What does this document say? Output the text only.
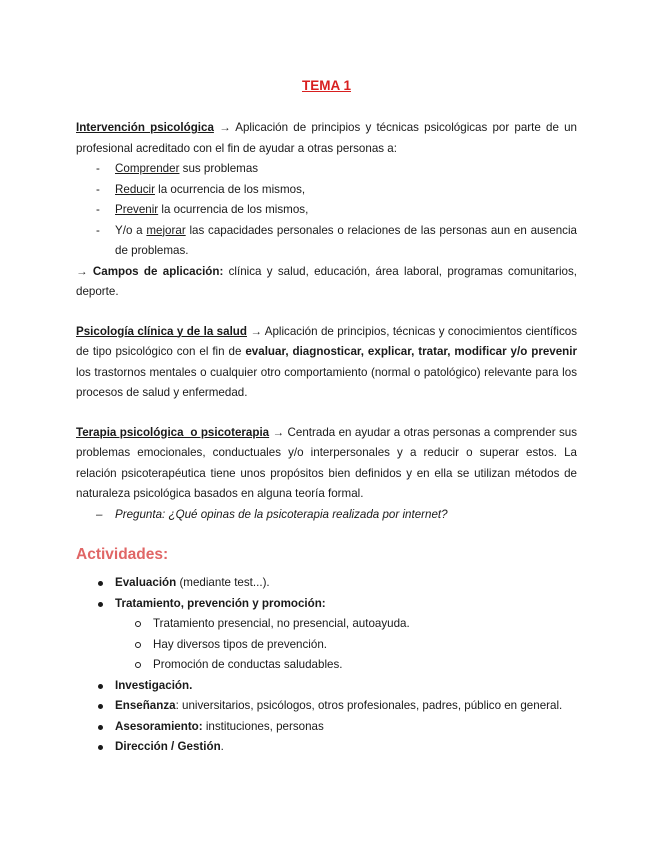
TEMA 1

Intervención psicológica → Aplicación de principios y técnicas psicológicas por parte de un profesional acreditado con el fin de ayudar a otras personas a:

- Comprender sus problemas
- Reducir la ocurrencia de los mismos,
- Prevenir la ocurrencia de los mismos,
- Y/o a mejorar las capacidades personales o relaciones de las personas aun en ausencia de problemas.

→ Campos de aplicación: clínica y salud, educación, área laboral, programas comunitarios, deporte.

Psicología clínica y de la salud → Aplicación de principios, técnicas y conocimientos científicos de tipo psicológico con el fin de evaluar, diagnosticar, explicar, tratar, modificar y/o prevenir los trastornos mentales o cualquier otro comportamiento (normal o patológico) relevante para los procesos de salud y enfermedad.

Terapia psicológica  o psicoterapia → Centrada en ayudar a otras personas a comprender sus problemas emocionales, conductuales y/o interpersonales y a reducir o superar estos. La relación psicoterapéutica tiene unos propósitos bien definidos y en ella se utilizan métodos de naturaleza psicológica basados en alguna teoría formal.

– Pregunta: ¿Qué opinas de la psicoterapia realizada por internet?

Actividades:

Evaluación (mediante test...).
Tratamiento, prevención y promoción:
Tratamiento presencial, no presencial, autoayuda.
Hay diversos tipos de prevención.
Promoción de conductas saludables.
Investigación.
Enseñanza: universitarios, psicólogos, otros profesionales, padres, público en general.
Asesoramiento: instituciones, personas
Dirección / Gestión.
